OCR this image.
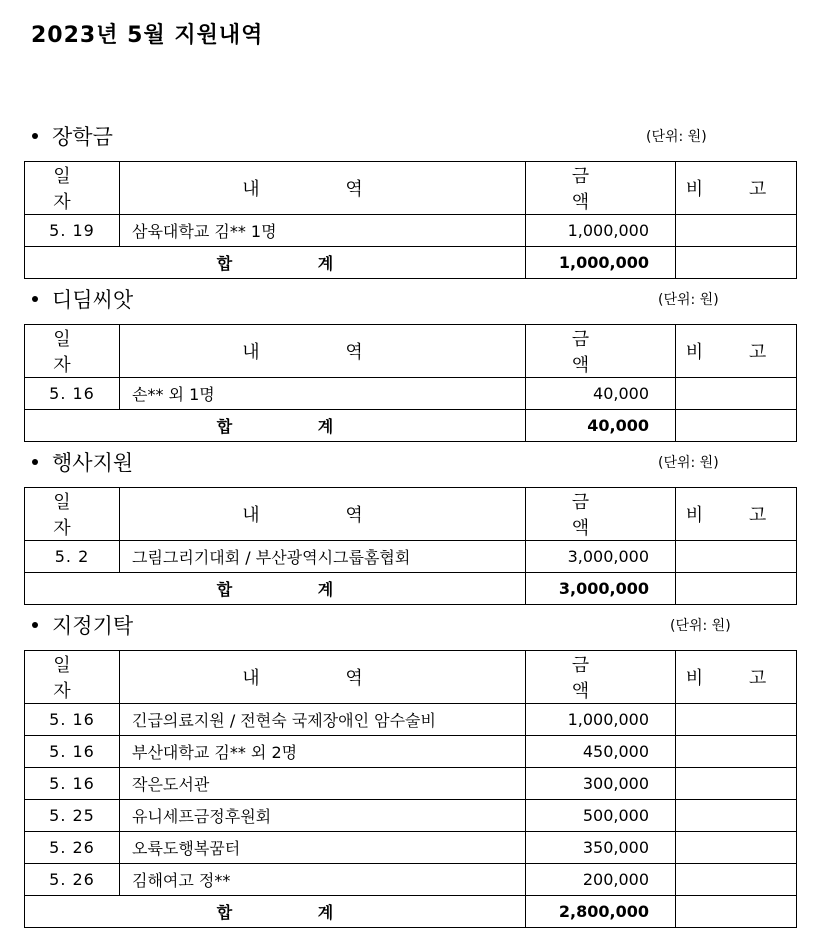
2023년 5월 지원내역
장학금	(단위: 원)
일 자	내 역	금 액	비 고
5. 19	삼육대학교 김** 1명	1,000,000	
합 계		1,000,000	
디딤씨앗	(단위: 원)
일 자	내 역	금 액	비 고
5. 16	손** 외 1명	40,000	
합 계		40,000	
행사지원	(단위: 원)
일 자	내 역	금 액	비 고
5. 2	그림그리기대회 / 부산광역시그룹홈협회	3,000,000	
합 계		3,000,000	
지정기탁	(단위: 원)
일 자	내 역	금 액	비 고
5. 16	긴급의료지원 / 전현숙 국제장애인 암수술비	1,000,000	
5. 16	부산대학교 김** 외 2명	450,000	
5. 16	작은도서관	300,000	
5. 25	유니세프금정후원회	500,000	
5. 26	오륙도행복꿈터	350,000	
5. 26	김해여고 정**	200,000	
합 계		2,800,000	
